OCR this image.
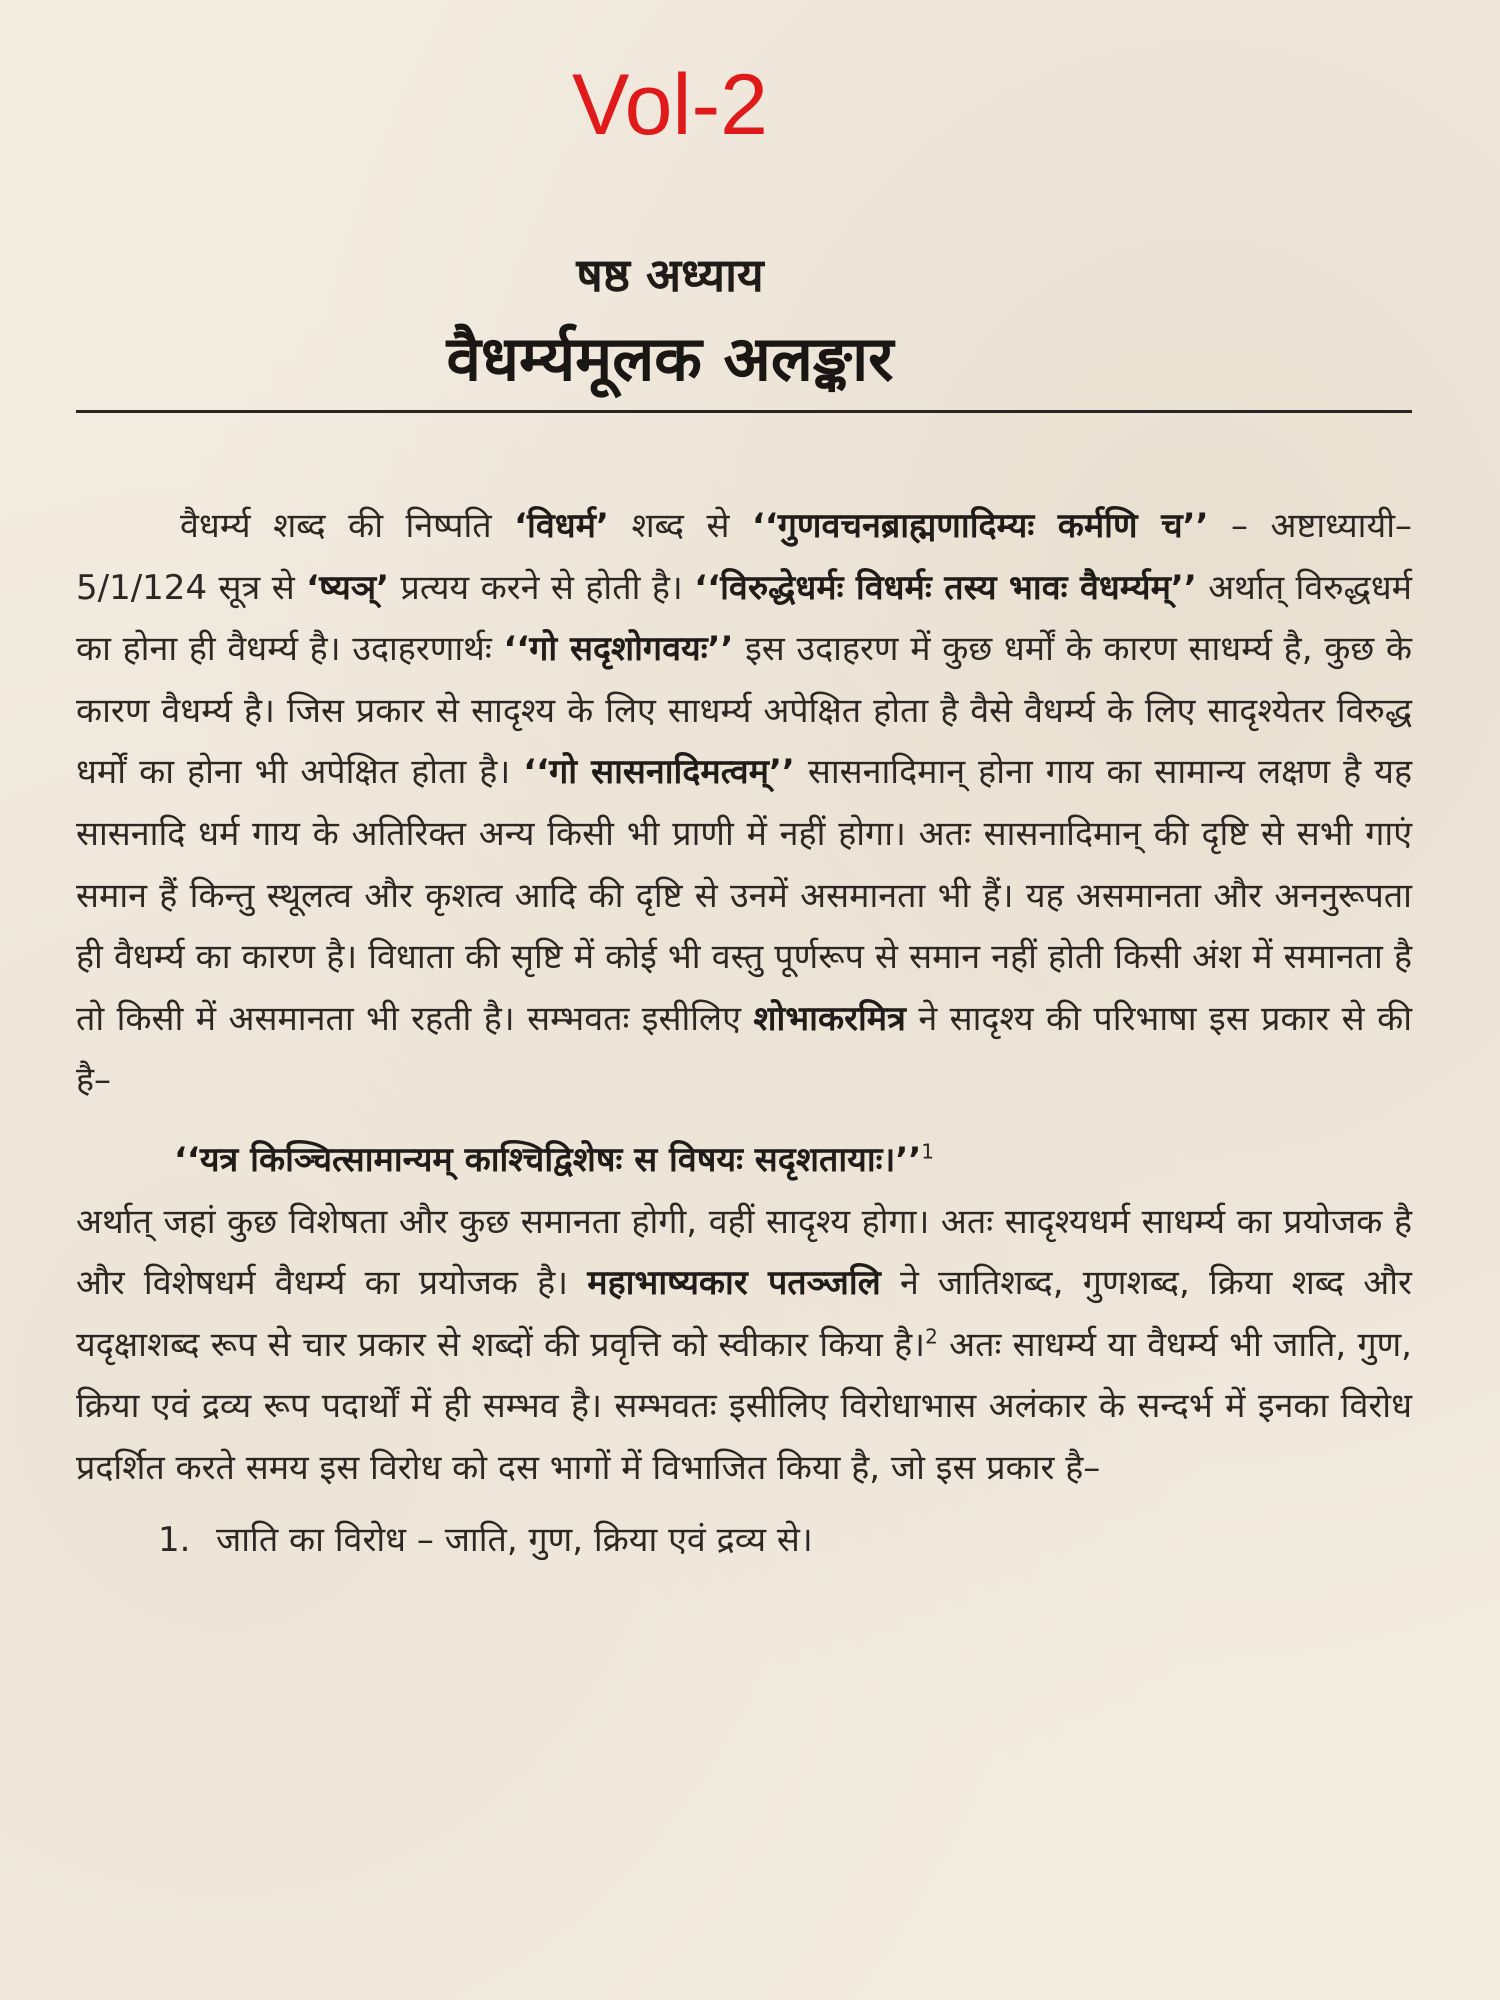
Vol-2
षष्ठ अध्याय
वैधर्म्यमूलक अलङ्कार

वैधर्म्य शब्द की निष्पति ‘विधर्म’ शब्द से ‘‘गुणवचनब्राह्मणादिम्यः कर्मणि च’’ – अष्टाध्यायी– 5/1/124 सूत्र से ‘ष्यञ्’ प्रत्यय करने से होती है। ‘‘विरुद्धेधर्मः विधर्मः तस्य भावः वैधर्म्यम्’’ अर्थात् विरुद्धधर्म का होना ही वैधर्म्य है। उदाहरणार्थः ‘‘गो सदृशोगवयः’’ इस उदाहरण में कुछ धर्मों के कारण साधर्म्य है, कुछ के कारण वैधर्म्य है। जिस प्रकार से सादृश्य के लिए साधर्म्य अपेक्षित होता है वैसे वैधर्म्य के लिए सादृश्येतर विरुद्ध धर्मों का होना भी अपेक्षित होता है। ‘‘गो सासनादिमत्वम्’’ सासनादिमान् होना गाय का सामान्य लक्षण है यह सासनादि धर्म गाय के अतिरिक्त अन्य किसी भी प्राणी में नहीं होगा। अतः सासनादिमान् की दृष्टि से सभी गाएं समान हैं किन्तु स्थूलत्व और कृशत्व आदि की दृष्टि से उनमें असमानता भी हैं। यह असमानता और अननुरूपता ही वैधर्म्य का कारण है। विधाता की सृष्टि में कोई भी वस्तु पूर्णरूप से समान नहीं होती किसी अंश में समानता है तो किसी में असमानता भी रहती है। सम्भवतः इसीलिए शोभाकरमित्र ने सादृश्य की परिभाषा इस प्रकार से की है–

‘‘यत्र किञ्चित्सामान्यम् काश्चिद्विशेषः स विषयः सदृशतायाः।’’$^1$

अर्थात् जहां कुछ विशेषता और कुछ समानता होगी, वहीं सादृश्य होगा। अतः सादृश्यधर्म साधर्म्य का प्रयोजक है और विशेषधर्म वैधर्म्य का प्रयोजक है। महाभाष्यकार पतञ्जलि ने जातिशब्द, गुणशब्द, क्रिया शब्द और यदृक्षाशब्द रूप से चार प्रकार से शब्दों की प्रवृत्ति को स्वीकार किया है।$^2$ अतः साधर्म्य या वैधर्म्य भी जाति, गुण, क्रिया एवं द्रव्य रूप पदार्थों में ही सम्भव है। सम्भवतः इसीलिए विरोधाभास अलंकार के सन्दर्भ में इनका विरोध प्रदर्शित करते समय इस विरोध को दस भागों में विभाजित किया है, जो इस प्रकार है–

1. जाति का विरोध – जाति, गुण, क्रिया एवं द्रव्य से।
